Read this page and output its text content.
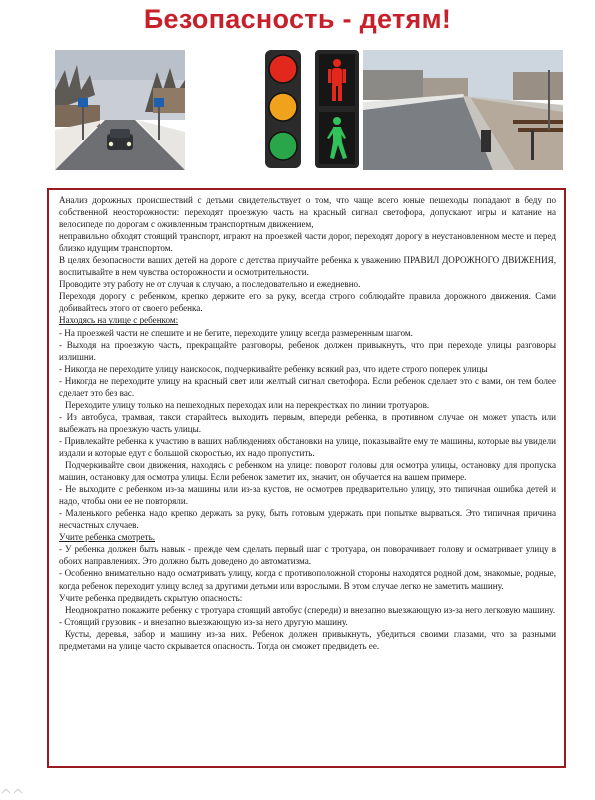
Безопасность - детям!

Анализ дорожных происшествий с детьми свидетельствует о том, что чаще всего юные пешеходы попадают в беду по собственной неосторожности: переходят проезжую часть на красный сигнал светофора, допускают игры и катание на велосипеде по дорогам с оживленным транспортным движением,

неправильно обходят стоящий транспорт, играют на проезжей части дорог, переходят дорогу в неустановленном месте и перед близко идущим транспортом.

В целях безопасности ваших детей на дороге с детства приучайте ребенка к уважению ПРАВИЛ ДОРОЖНОГО ДВИЖЕНИЯ, воспитывайте в нем чувства осторожности и осмотрительности.

Проводите эту работу не от случая к случаю, а последовательно и ежедневно.

Переходя дорогу с ребенком, крепко держите его за руку, всегда строго соблюдайте правила дорожного движения. Сами добивайтесь этого от своего ребенка.

Находясь на улице с ребенком:

- На проезжей части не спешите и не бегите, переходите улицу всегда размеренным шагом.

- Выходя на проезжую часть, прекращайте разговоры, ребенок должен привыкнуть, что при переходе улицы разговоры излишни.

- Никогда не переходите улицу наискосок, подчеркивайте ребенку всякий раз, что идете строго поперек улицы

- Никогда не переходите улицу на красный свет или желтый сигнал светофора. Если ребенок сделает это с вами, он тем более сделает это без вас.

Переходите улицу только на пешеходных переходах или на перекрестках по линии тротуаров.

- Из автобуса, трамвая, такси старайтесь выходить первым, впереди ребенка, в противном случае он может упасть или выбежать на проезжую часть улицы.

- Привлекайте ребенка к участию в ваших наблюдениях обстановки на улице, показывайте ему те машины, которые вы увидели издали и которые едут с большой скоростью, их надо пропустить.

Подчеркивайте свои движения, находясь с ребенком на улице: поворот головы для осмотра улицы, остановку для пропуска машин, остановку для осмотра улицы. Если ребенок заметит их, значит, он обучается на вашем примере.

- Не выходите с ребенком из-за машины или из-за кустов, не осмотрев предварительно улицу, это типичная ошибка детей и надо, чтобы они ее не повторяли.

- Маленького ребенка надо крепко держать за руку, быть готовым удержать при попытке вырваться. Это типичная причина несчастных случаев.

Учите ребенка смотреть.

- У ребенка должен быть навык - прежде чем сделать первый шаг с тротуара, он поворачивает голову и осматривает улицу в обоих направлениях. Это должно быть доведено до автоматизма.

- Особенно внимательно надо осматривать улицу, когда с противоположной стороны находятся родной дом, знакомые, родные, когда ребенок переходит улицу вслед за другими детьми или взрослыми. В этом случае легко не заметить машину.

Учите ребенка предвидеть скрытую опасность:

Неоднократно покажите ребенку с тротуара стоящий автобус (спереди) и внезапно выезжающую из-за него легковую машину.

- Стоящий грузовик - и внезапно выезжающую из-за него другую машину.

Кусты, деревья, забор и машину из-за них. Ребенок должен привыкнуть, убедиться своими глазами, что за разными предметами на улице часто скрывается опасность. Тогда он сможет предвидеть ее.
